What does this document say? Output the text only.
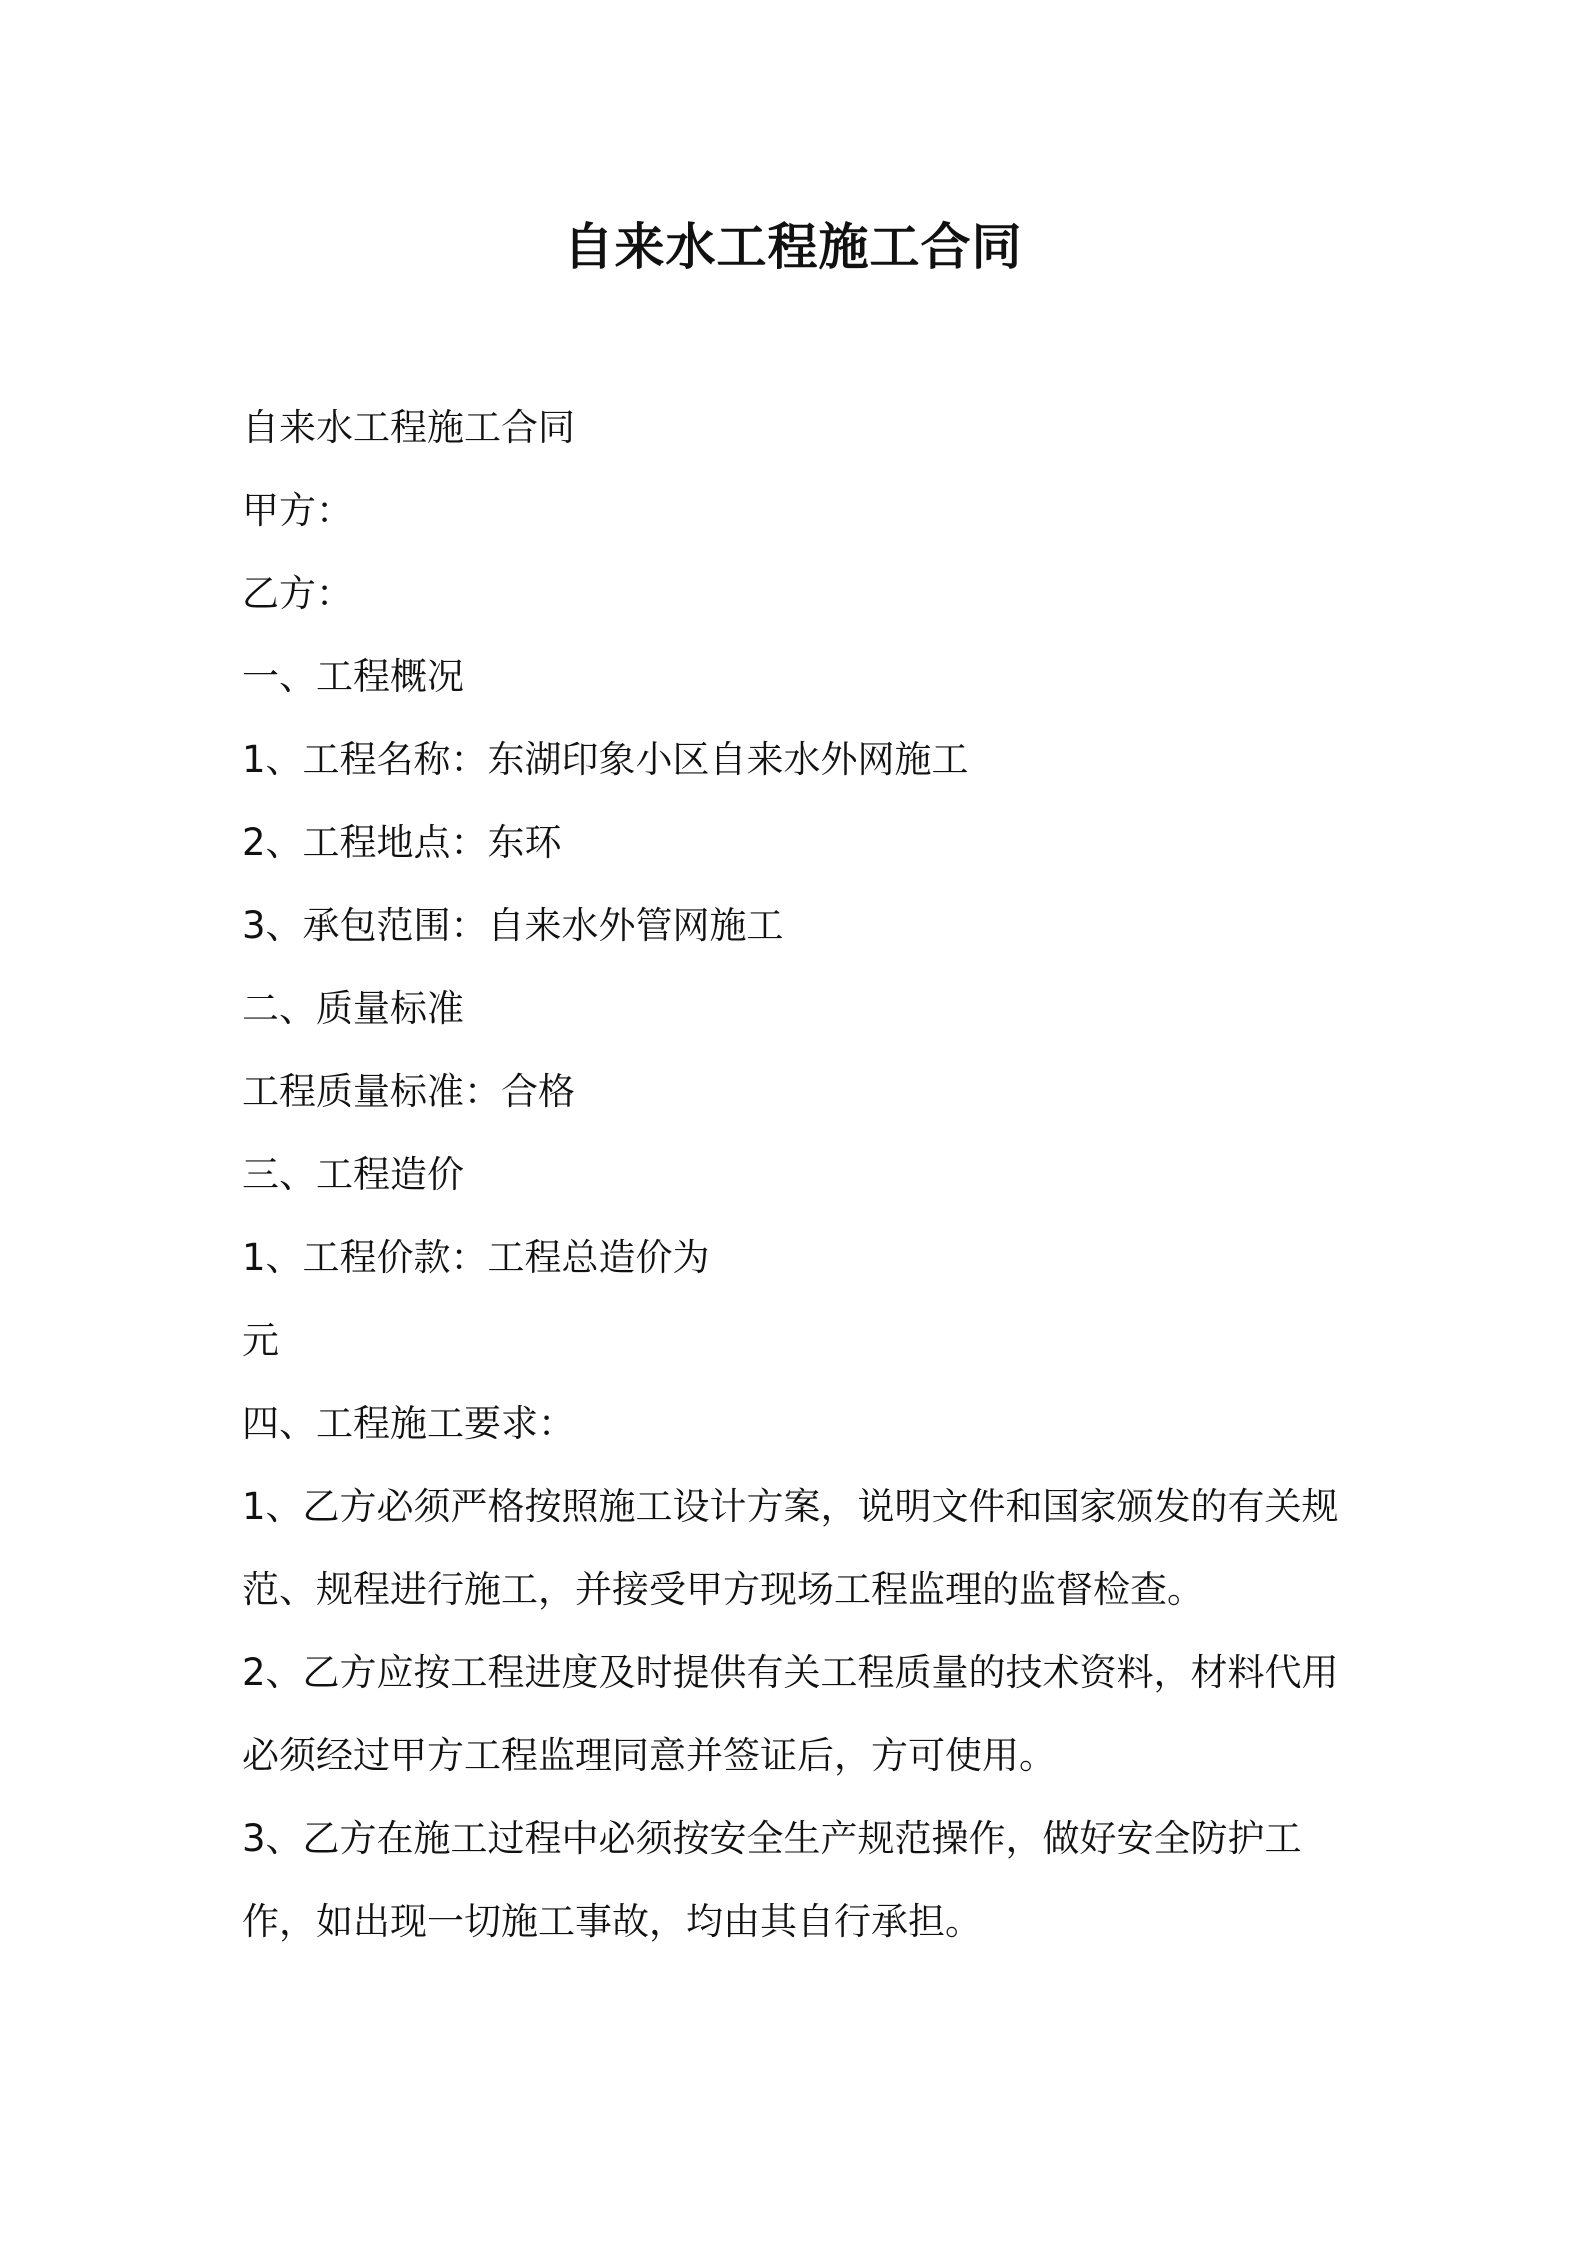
自来水工程施工合同
自来水工程施工合同
甲方：
乙方：
一、工程概况
1、工程名称：东湖印象小区自来水外网施工
2、工程地点：东环
3、承包范围：自来水外管网施工
二、质量标准
工程质量标准：合格
三、工程造价
1、工程价款：工程总造价为
元
四、工程施工要求：
1、乙方必须严格按照施工设计方案，说明文件和国家颁发的有关规范、规程进行施工，并接受甲方现场工程监理的监督检查。
2、乙方应按工程进度及时提供有关工程质量的技术资料，材料代用必须经过甲方工程监理同意并签证后，方可使用。
3、乙方在施工过程中必须按安全生产规范操作，做好安全防护工作，如出现一切施工事故，均由其自行承担。
